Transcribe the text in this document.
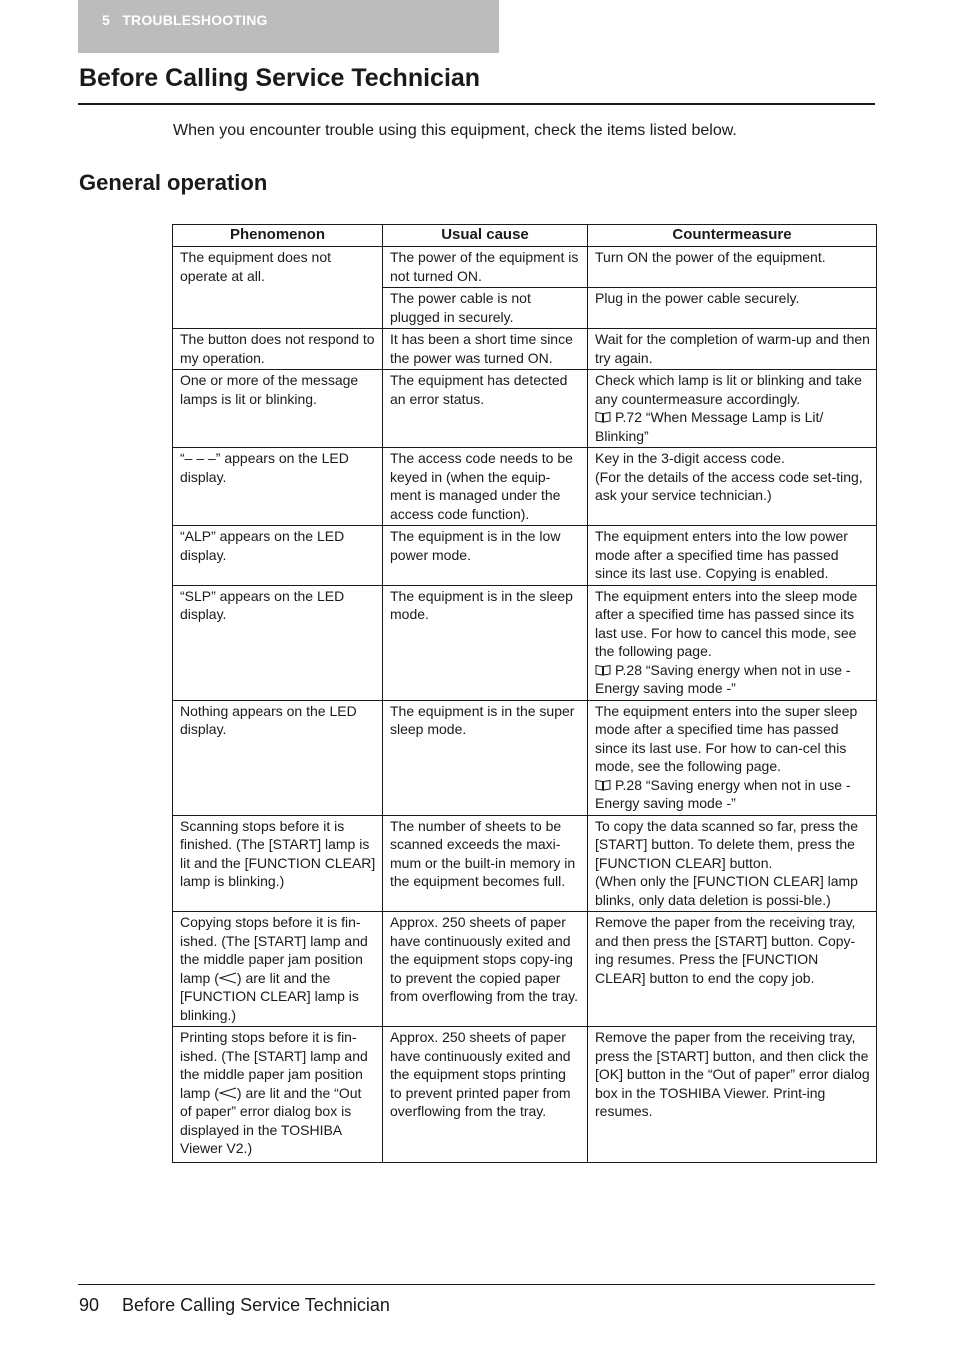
5 TROUBLESHOOTING
Before Calling Service Technician

When you encounter trouble using this equipment, check the items listed below.

General operation
Phenomenon	Usual cause	Countermeasure
The equipment does not operate at all.	The power of the equipment is not turned ON.	Turn ON the power of the equipment.
	The power cable is not plugged in securely.	Plug in the power cable securely.
The button does not respond to my operation.	It has been a short time since the power was turned ON.	Wait for the completion of warm-up and then try again.
One or more of the message lamps is lit or blinking.	The equipment has detected an error status.	Check which lamp is lit or blinking and take any countermeasure accordingly.
P.72 “When Message Lamp is Lit/ Blinking”

“– – –” appears on the LED display.	The access code needs to be keyed in (when the equip-ment is managed under the access code function).	Key in the 3-digit access code.
(For the details of the access code set-ting, ask your service technician.)

“ALP” appears on the LED display.	The equipment is in the low power mode.	The equipment enters into the low power mode after a specified time has passed since its last use. Copying is enabled.
“SLP” appears on the LED display.	The equipment is in the sleep mode.	The equipment enters into the sleep mode after a specified time has passed since its last use. For how to cancel this mode, see the following page.
P.28 “Saving energy when not in use - Energy saving mode -”

Nothing appears on the LED display.	The equipment is in the super sleep mode.	The equipment enters into the super sleep mode after a specified time has passed since its last use. For how to can-cel this mode, see the following page.
P.28 “Saving energy when not in use - Energy saving mode -”

Scanning stops before it is finished. (The [START] lamp is lit and the [FUNCTION CLEAR] lamp is blinking.)	The number of sheets to be scanned exceeds the maxi-mum or the built-in memory in the equipment becomes full.	To copy the data scanned so far, press the [START] button. To delete them, press the [FUNCTION CLEAR] button.
(When only the [FUNCTION CLEAR] lamp blinks, only data deletion is possi-ble.)

Copying stops before it is fin-ished. (The [START] lamp and the middle paper jam position lamp ( ) are lit and the [FUNCTION CLEAR] lamp is blinking.)	Approx. 250 sheets of paper have continuously exited and the equipment stops copy-ing to prevent the copied paper from overflowing from the tray.	Remove the paper from the receiving tray, and then press the [START] button. Copy-ing resumes. Press the [FUNCTION CLEAR] button to end the copy job.
Printing stops before it is fin-ished. (The [START] lamp and the middle paper jam position lamp ( ) are lit and the “Out of paper” error dialog box is displayed in the TOSHIBA Viewer V2.)	Approx. 250 sheets of paper have continuously exited and the equipment stops printing to prevent printed paper from overflowing from the tray.	Remove the paper from the receiving tray, press the [START] button, and then click the [OK] button in the “Out of paper” error dialog box in the TOSHIBA Viewer. Print-ing resumes.

90 Before Calling Service Technician
